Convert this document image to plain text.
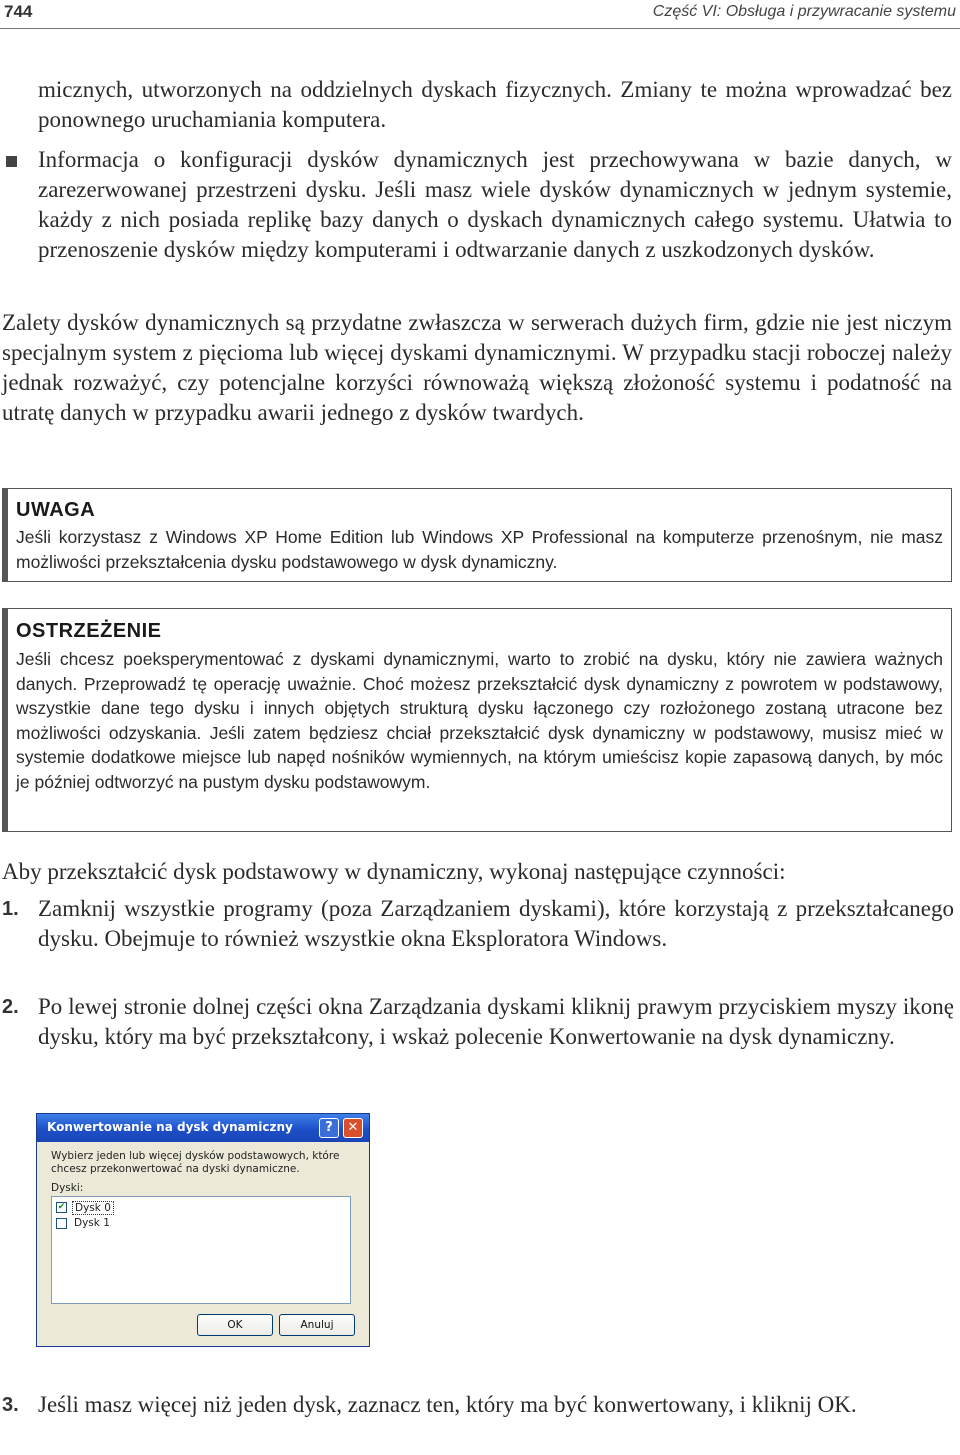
744	Część VI: Obsługa i przywracanie systemu

micznych, utworzonych na oddzielnych dyskach fizycznych. Zmiany te można wprowadzać bez ponownego uruchamiania komputera.

Informacja o konfiguracji dysków dynamicznych jest przechowywana w bazie danych, w zarezerwowanej przestrzeni dysku. Jeśli masz wiele dysków dynamicznych w jednym systemie, każdy z nich posiada replikę bazy danych o dyskach dynamicznych całego systemu. Ułatwia to przenoszenie dysków między komputerami i odtwarzanie danych z uszkodzonych dysków.

Zalety dysków dynamicznych są przydatne zwłaszcza w serwerach dużych firm, gdzie nie jest niczym specjalnym system z pięcioma lub więcej dyskami dynamicznymi. W przypadku stacji roboczej należy jednak rozważyć, czy potencjalne korzyści równoważą większą złożoność systemu i podatność na utratę danych w przypadku awarii jednego z dysków twardych.

UWAGA

Jeśli korzystasz z Windows XP Home Edition lub Windows XP Professional na komputerze przenośnym, nie masz możliwości przekształcenia dysku podstawowego w dysk dynamiczny.

OSTRZEŻENIE

Jeśli chcesz poeksperymentować z dyskami dynamicznymi, warto to zrobić na dysku, który nie zawiera ważnych danych. Przeprowadź tę operację uważnie. Choć możesz przekształcić dysk dynamiczny z powrotem w podstawowy, wszystkie dane tego dysku i innych objętych strukturą dysku łączonego czy rozłożonego zostaną utracone bez możliwości odzyskania. Jeśli zatem będziesz chciał przekształcić dysk dynamiczny w podstawowy, musisz mieć w systemie dodatkowe miejsce lub napęd nośników wymiennych, na którym umieścisz kopie zapasową danych, by móc je później odtworzyć na pustym dysku podstawowym.

Aby przekształcić dysk podstawowy w dynamiczny, wykonaj następujące czynności:

1. Zamknij wszystkie programy (poza Zarządzaniem dyskami), które korzystają z przekształcanego dysku. Obejmuje to również wszystkie okna Eksploratora Windows.

2. Po lewej stronie dolnej części okna Zarządzania dyskami kliknij prawym przyciskiem myszy ikonę dysku, który ma być przekształcony, i wskaż polecenie Konwertowanie na dysk dynamiczny.

Konwertowanie na dysk dynamiczny	?	✕

Wybierz jeden lub więcej dysków podstawowych, które chcesz przekonwertować na dyski dynamiczne.

Dyski:
✔ Dysk 0
Dysk 1
OK	Anuluj
3. Jeśli masz więcej niż jeden dysk, zaznacz ten, który ma być konwertowany, i kliknij OK.
